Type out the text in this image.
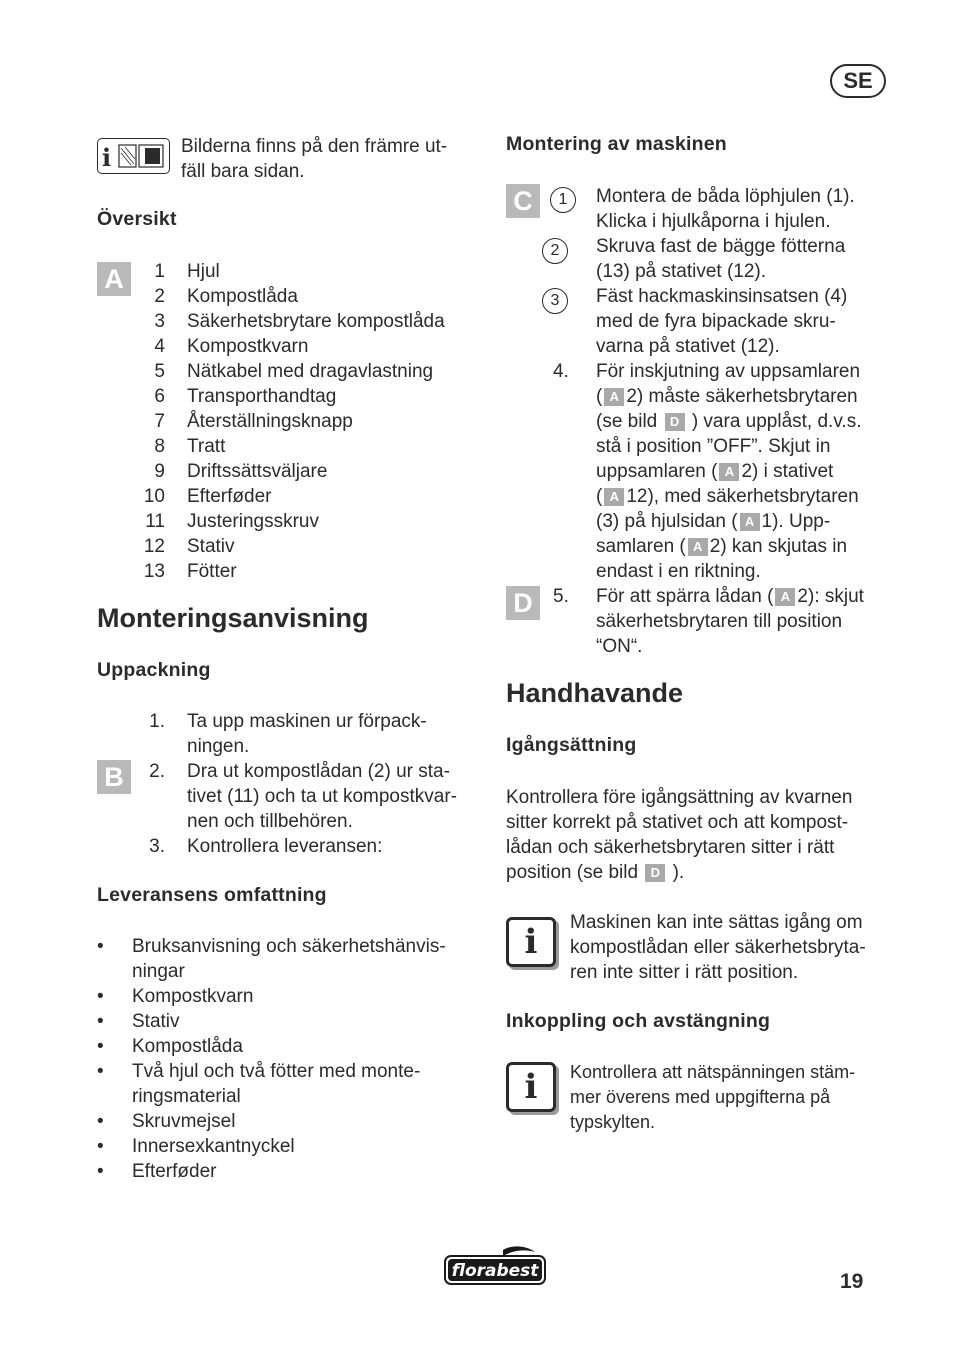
SE
i	Bilderna finns på den främre ut-
fäll bara sidan.
Översikt
A	1 Hjul
2 Kompostlåda
3 Säkerhetsbrytare kompostlåda
4 Kompostkvarn
5 Nätkabel med dragavlastning
6 Transporthandtag
7 Återställningsknapp
8 Tratt
9 Driftssättsväljare
10 Efterføder
11 Justeringsskruv
12 Stativ
13 Fötter
Monteringsanvisning
Uppackning
B
1. Ta upp maskinen ur förpack-
ningen.
2. Dra ut kompostlådan (2) ur sta-
tivet (11) och ta ut kompostkvar-
nen och tillbehören.
3. Kontrollera leveransen:
Leveransens omfattning
• Bruksanvisning och säkerhetshänvis-
ningar
• Kompostkvarn
• Stativ
• Kompostlåda
• Två hjul och två fötter med monte-
ringsmaterial
• Skruvmejsel
• Innersexkantnyckel
• Efterføder
Montering av maskinen
C
D
1	Montera de båda löphjulen (1).
Klicka i hjulkåporna i hjulen.
2	Skruva fast de bägge fötterna
(13) på stativet (12).
3	Fäst hackmaskinsinsatsen (4)
med de fyra bipackade skru-
varna på stativet (12).
4. För inskjutning av uppsamlaren
( A 2) måste säkerhetsbrytaren
(se bild D ) vara upplåst, d.v.s.
stå i position ”OFF”. Skjut in
uppsamlaren ( A 2) i stativet
( A 12), med säkerhetsbrytaren
(3) på hjulsidan ( A 1). Upp-
samlaren ( A 2) kan skjutas in
endast i en riktning.
5. För att spärra lådan ( A 2): skjut
säkerhetsbrytaren till position
“ON“.
Handhavande
Igångsättning
Kontrollera före igångsättning av kvarnen
sitter korrekt på stativet och att kompost-
lådan och säkerhetsbrytaren sitter i rätt
position (se bild D ).
i	Maskinen kan inte sättas igång om
kompostlådan eller säkerhetsbryta-
ren inte sitter i rätt position.
Inkoppling och avstängning
i	Kontrollera att nätspänningen stäm-
mer överens med uppgifterna på
typskylten.
florabest	19
